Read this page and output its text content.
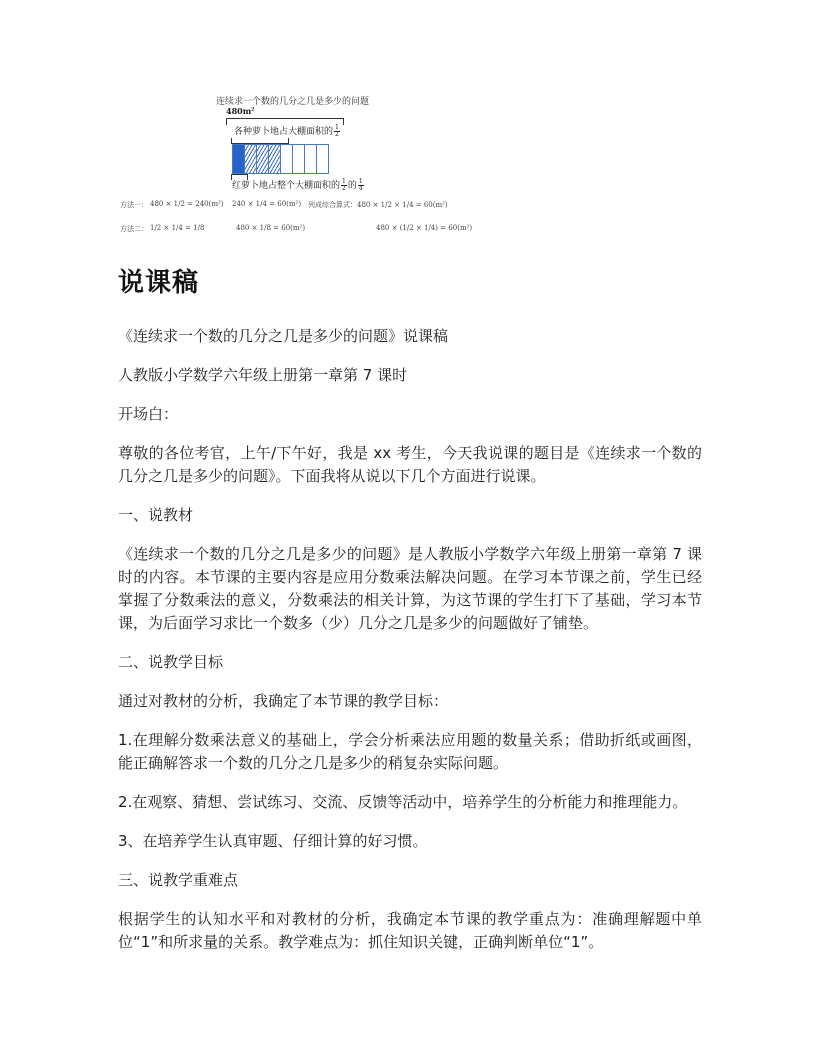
连续求一个数的几分之几是多少的问题
$480m^2$
各种萝卜地占大棚面积的 $\frac{1}{2}$
红萝卜地占整个大棚面积的 $\frac{1}{2}$ 的 $\frac{1}{4}$
方法一： 480 × 1/2 = 240(m²) 240 × 1/4 = 60(m²) 列成综合算式：480 × 1/2 × 1/4 = 60(m²)
方法二： 1/2 × 1/4 = 1/8	480 × 1/8 = 60(m²)	480 × (1/2 × 1/4) = 60(m²)
说课稿

《连续求一个数的几分之几是多少的问题》说课稿

人教版小学数学六年级上册第一章第 7 课时

开场白：

尊敬的各位考官，上午/下午好，我是 xx 考生，今天我说课的题目是《连续求一个数的几分之几是多少的问题》。下面我将从说以下几个方面进行说课。

一、说教材

《连续求一个数的几分之几是多少的问题》是人教版小学数学六年级上册第一章第 7 课时的内容。本节课的主要内容是应用分数乘法解决问题。在学习本节课之前，学生已经掌握了分数乘法的意义，分数乘法的相关计算，为这节课的学生打下了基础，学习本节课，为后面学习求比一个数多（少）几分之几是多少的问题做好了铺垫。

二、说教学目标

通过对教材的分析，我确定了本节课的教学目标：

1.在理解分数乘法意义的基础上，学会分析乘法应用题的数量关系；借助折纸或画图，能正确解答求一个数的几分之几是多少的稍复杂实际问题。

2.在观察、猜想、尝试练习、交流、反馈等活动中，培养学生的分析能力和推理能力。

3、在培养学生认真审题、仔细计算的好习惯。

三、说教学重难点

根据学生的认知水平和对教材的分析，我确定本节课的教学重点为：准确理解题中单位“1”和所求量的关系。教学难点为：抓住知识关键，正确判断单位“1”。
